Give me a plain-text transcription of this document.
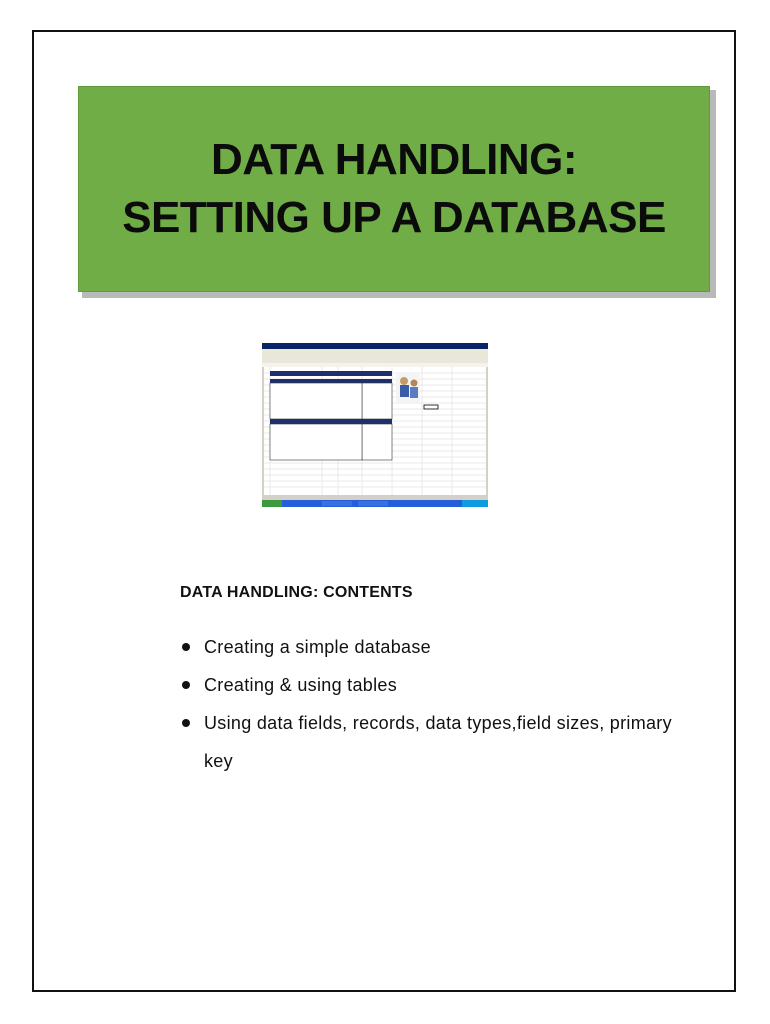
DATA HANDLING:
SETTING UP A DATABASE
DATA HANDLING: CONTENTS
Creating a simple database
Creating & using tables
Using data fields, records, data types,field sizes, primary key
